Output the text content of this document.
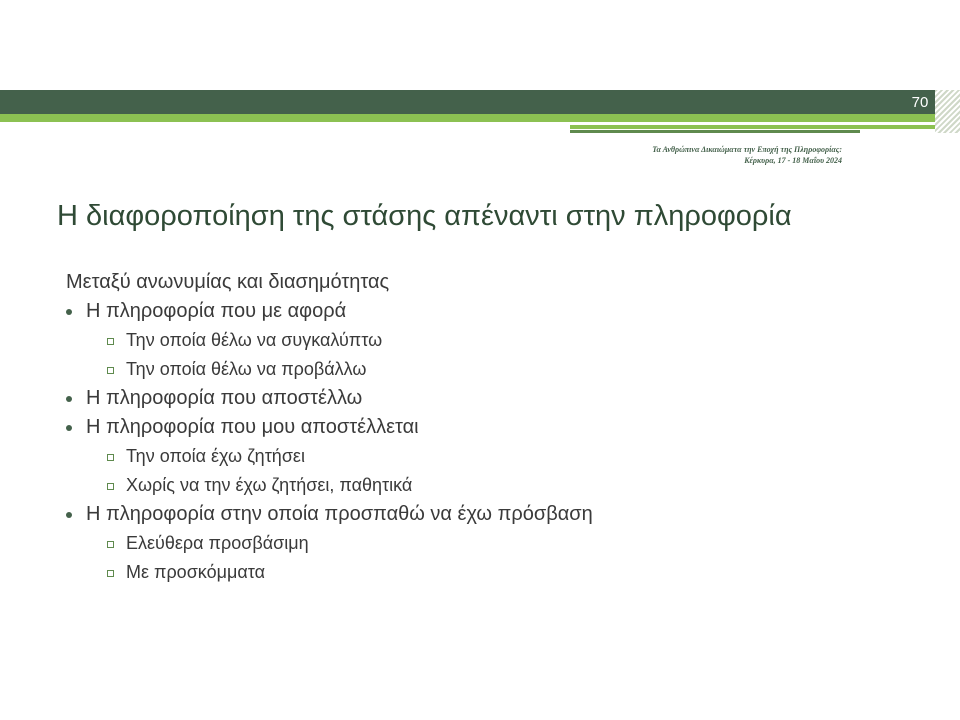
70
Τα Ανθρώπινα Δικαιώματα την Εποχή της Πληροφορίας:
Κέρκυρα, 17 - 18 Μαΐου 2024
Η διαφοροποίηση της στάσης απέναντι στην πληροφορία

Μεταξύ ανωνυμίας και διασημότητας

Η πληροφορία που με αφορά
Την οποία θέλω να συγκαλύπτω
Την οποία θέλω να προβάλλω
Η πληροφορία που αποστέλλω
Η πληροφορία που μου αποστέλλεται
Την οποία έχω ζητήσει
Χωρίς να την έχω ζητήσει, παθητικά
Η πληροφορία στην οποία προσπαθώ να έχω πρόσβαση
Ελεύθερα προσβάσιμη
Με προσκόμματα
